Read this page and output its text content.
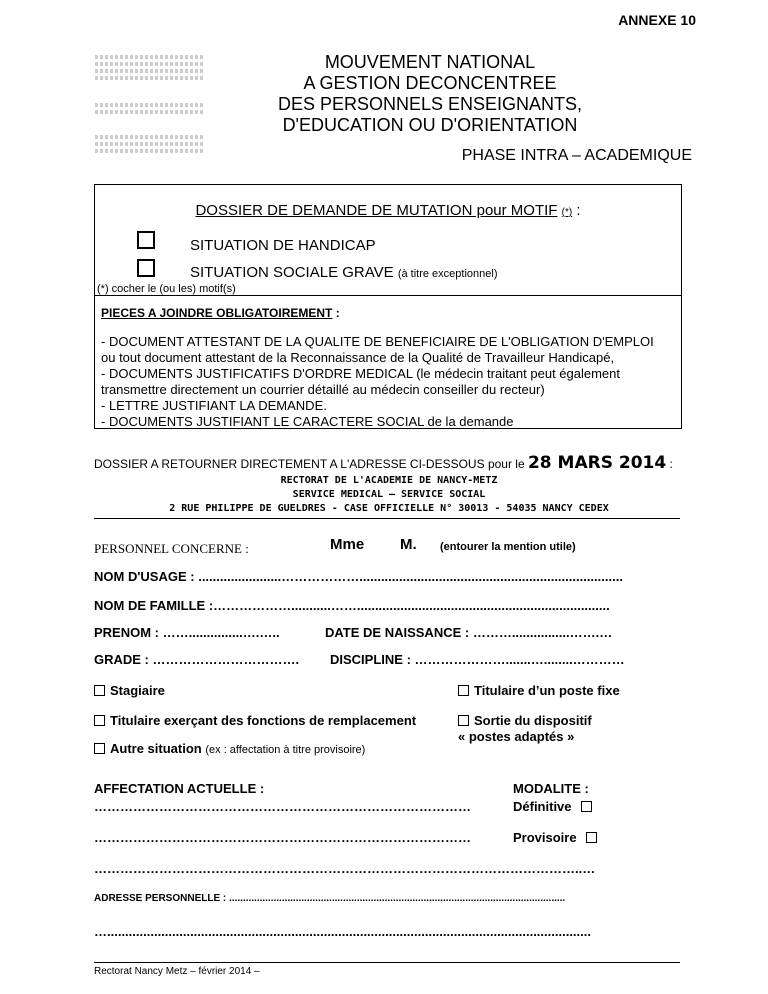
ANNEXE 10
MOUVEMENT NATIONAL
A GESTION DECONCENTREE
DES PERSONNELS ENSEIGNANTS,
D'EDUCATION OU D'ORIENTATION
PHASE INTRA – ACADEMIQUE
DOSSIER DE DEMANDE DE MUTATION pour MOTIF (*) :
SITUATION DE HANDICAP
SITUATION SOCIALE GRAVE (à titre exceptionnel)
(*) cocher le (ou les) motif(s)
PIECES A JOINDRE OBLIGATOIREMENT :
- DOCUMENT ATTESTANT DE LA QUALITE DE BENEFICIAIRE DE L'OBLIGATION D'EMPLOI
ou tout document attestant de la Reconnaissance de la Qualité de Travailleur Handicapé,
- DOCUMENTS JUSTIFICATIFS D'ORDRE MEDICAL (le médecin traitant peut également
transmettre directement un courrier détaillé au médecin conseiller du recteur)
- LETTRE JUSTIFIANT LA DEMANDE.
- DOCUMENTS JUSTIFIANT LE CARACTERE SOCIAL de la demande
DOSSIER A RETOURNER DIRECTEMENT A L'ADRESSE CI-DESSOUS pour le 28 MARS 2014 :
RECTORAT DE L'ACADEMIE DE NANCY-METZ
SERVICE MEDICAL – SERVICE SOCIAL
2 RUE PHILIPPE DE GUELDRES - CASE OFFICIELLE N° 30013 - 54035 NANCY CEDEX
PERSONNEL CONCERNE :	Mme M. (entourer la mention utile)
NOM D'USAGE : .......................……………….........................................................................
NOM DE FAMILLE :………………...........……......................................................................
PRENOM : ……...............….…..	DATE DE NAISSANCE : ………................…….…
GRADE : ……………………………. DISCIPLINE : ………………….......…........…………
Stagiaire	Titulaire d’un poste fixe
Titulaire exerçant des fonctions de remplacement	Sortie du dispositif
« postes adaptés »
Autre situation (ex : affectation à titre provisoire)
AFFECTATION ACTUELLE :
……………………………………………………………………………
MODALITE :
Définitive
……………………………………………………………………………	Provisoire
…………………………………………………………………………………………………..…
ADRESSE PERSONNELLE : .........................................................................................................................
…......................................................................................................................................
Rectorat Nancy Metz – février 2014 –
